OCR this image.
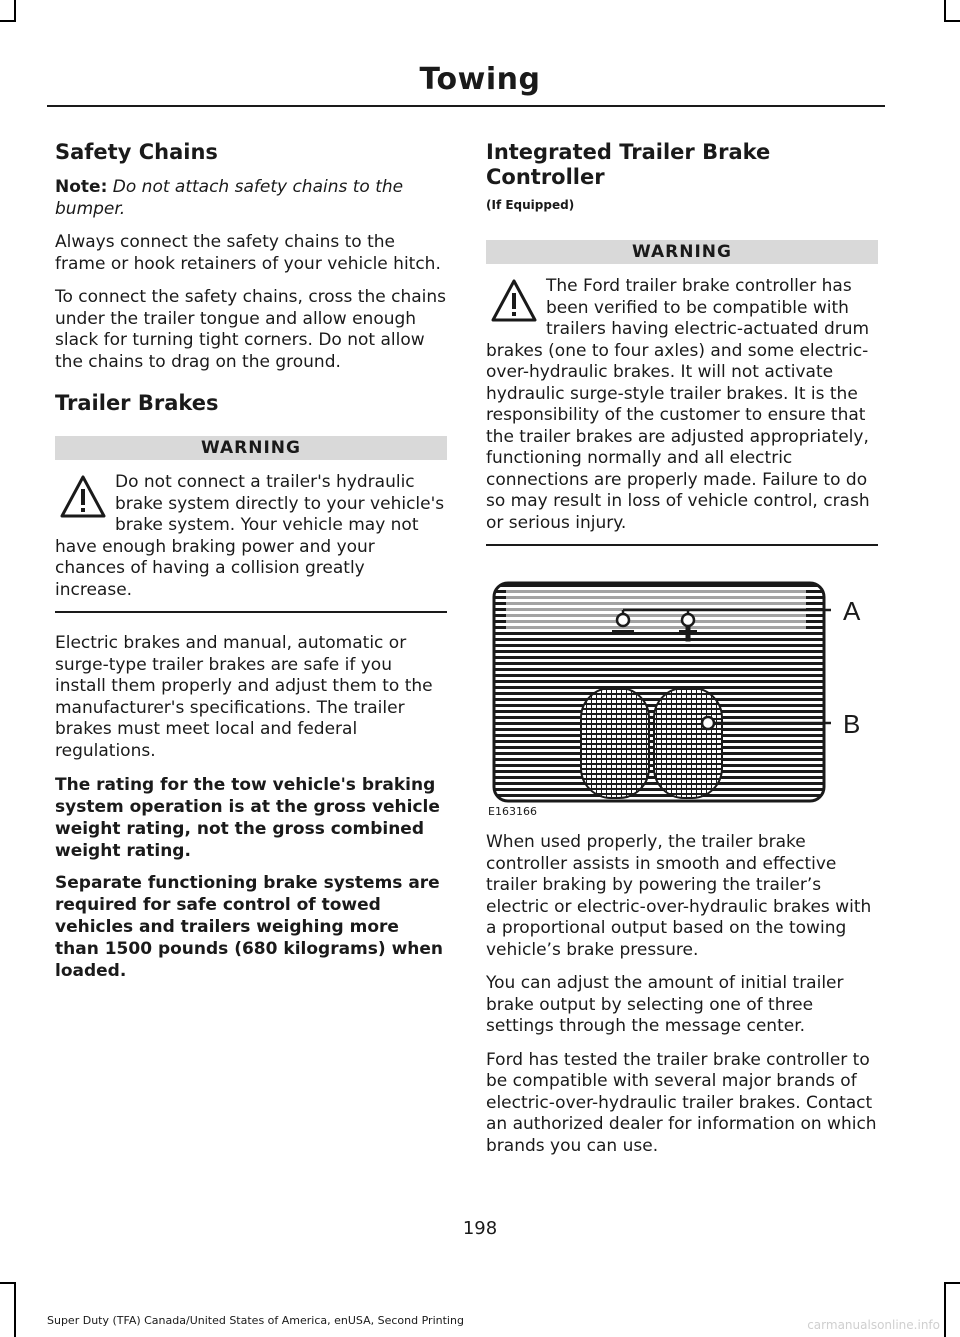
Towing
Safety Chains

Note: Do not attach safety chains to the bumper.

Always connect the safety chains to the frame or hook retainers of your vehicle hitch.

To connect the safety chains, cross the chains under the trailer tongue and allow enough slack for turning tight corners. Do not allow the chains to drag on the ground.

Trailer Brakes
WARNING
Do not connect a trailer's hydraulic brake system directly to your vehicle's brake system. Your vehicle may not have enough braking power and your chances of having a collision greatly increase.

Electric brakes and manual, automatic or surge-type trailer brakes are safe if you install them properly and adjust them to the manufacturer's specifications. The trailer brakes must meet local and federal regulations.

The rating for the tow vehicle's braking system operation is at the gross vehicle weight rating, not the gross combined weight rating.

Separate functioning brake systems are required for safe control of towed vehicles and trailers weighing more than 1500 pounds (680 kilograms) when loaded.

Integrated Trailer Brake Controller
(If Equipped)
WARNING
The Ford trailer brake controller has been verified to be compatible with trailers having electric-actuated drum brakes (one to four axles) and some electric-over-hydraulic brakes. It will not activate hydraulic surge-style trailer brakes. It is the responsibility of the customer to ensure that the trailer brakes are adjusted appropriately, functioning normally and all electric connections are properly made. Failure to do so may result in loss of vehicle control, crash or serious injury.
A
B
E163166

When used properly, the trailer brake controller assists in smooth and effective trailer braking by powering the trailer’s electric or electric-over-hydraulic brakes with a proportional output based on the towing vehicle’s brake pressure.

You can adjust the amount of initial trailer brake output by selecting one of three settings through the message center.

Ford has tested the trailer brake controller to be compatible with several major brands of electric-over-hydraulic trailer brakes. Contact an authorized dealer for information on which brands you can use.

198
Super Duty (TFA) Canada/United States of America, enUSA, Second Printing	carmanualsonline.info
